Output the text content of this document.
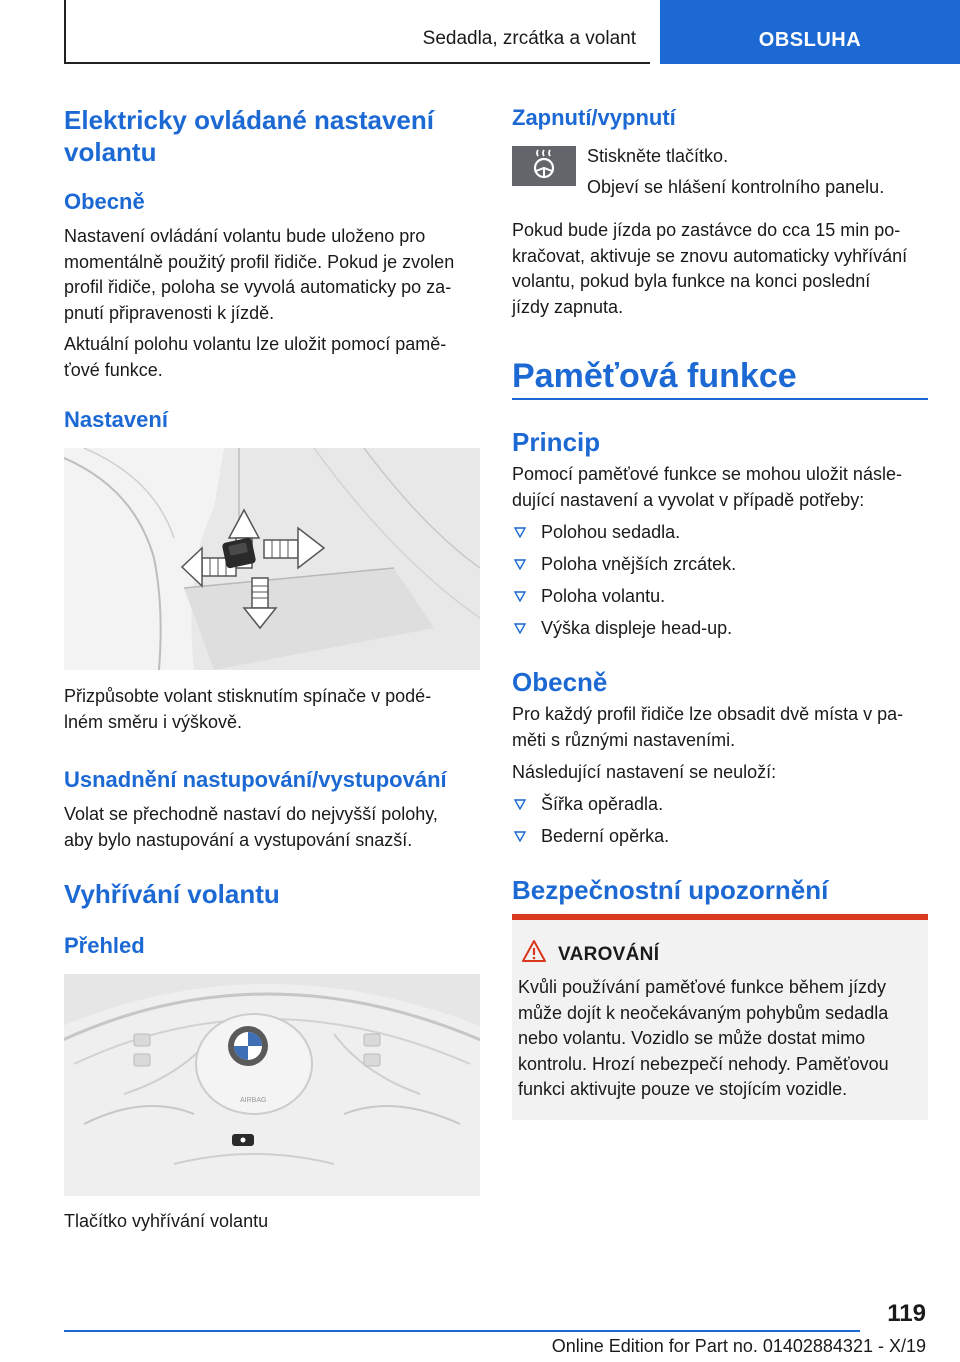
Sedadla, zrcátka a volant	OBSLUHA
Elektricky ovládané nastavení
volantu
Obecně
Nastavení ovládání volantu bude uloženo pro
momentálně použitý profil řidiče. Pokud je zvolen
profil řidiče, poloha se vyvolá automaticky po za‐
pnutí připravenosti k jízdě.
Aktuální polohu volantu lze uložit pomocí pamě‐
ťové funkce.
Nastavení
Přizpůsobte volant stisknutím spínače v podé‐
lném směru i výškově.
Usnadnění nastupování/vystupování
Volat se přechodně nastaví do nejvyšší polohy,
aby bylo nastupování a vystupování snazší.
Vyhřívání volantu
Přehled
AIRBAG
Tlačítko vyhřívání volantu
Zapnutí/vypnutí
Stiskněte tlačítko.
Objeví se hlášení kontrolního panelu.
Pokud bude jízda po zastávce do cca 15 min po‐
kračovat, aktivuje se znovu automaticky vyhřívání
volantu, pokud byla funkce na konci poslední
jízdy zapnuta.
Paměťová funkce
Princip
Pomocí paměťové funkce se mohou uložit násle‐
dující nastavení a vyvolat v případě potřeby:
Polohou sedadla.
Poloha vnějších zrcátek.
Poloha volantu.
Výška displeje head-up.
Obecně
Pro každý profil řidiče lze obsadit dvě místa v pa‐
měti s různými nastaveními.
Následující nastavení se neuloží:
Šířka opěradla.
Bederní opěrka.
Bezpečnostní upozornění
VAROVÁNÍ
Kvůli používání paměťové funkce během jízdy
může dojít k neočekávaným pohybům sedadla
nebo volantu. Vozidlo se může dostat mimo
kontrolu. Hrozí nebezpečí nehody. Paměťovou
funkci aktivujte pouze ve stojícím vozidle.
119
Online Edition for Part no. 01402884321 - X/19
